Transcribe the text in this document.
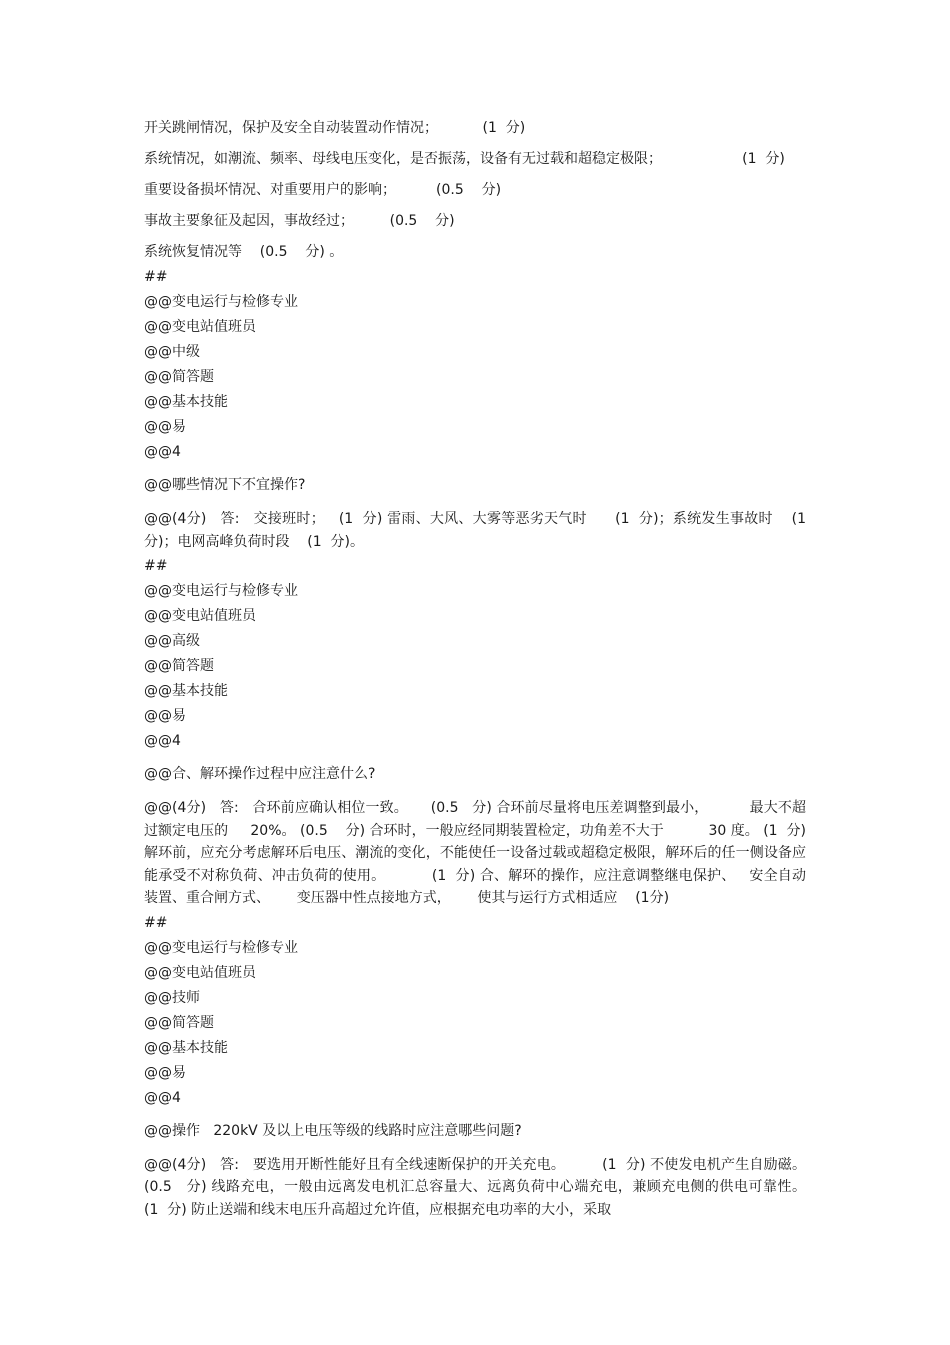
开关跳闸情况，保护及安全自动装置动作情况；          (1  分)
系统情况，如潮流、频率、母线电压变化，是否振荡，设备有无过载和超稳定极限；                  (1  分)
重要设备损坏情况、对重要用户的影响；         (0.5    分)
事故主要象征及起因，事故经过；        (0.5    分)
系统恢复情况等    (0.5    分) 。
##
@@变电运行与检修专业
@@变电站值班员
@@中级
@@简答题
@@基本技能
@@易
@@4
@@哪些情况下不宜操作?
@@(4分)   答:   交接班时；   (1  分) 雷雨、大风、大雾等恶劣天气时      (1  分)；系统发生事故时    (1 分)；电网高峰负荷时段    (1  分)。
##
@@变电运行与检修专业
@@变电站值班员
@@高级
@@简答题
@@基本技能
@@易
@@4
@@合、解环操作过程中应注意什么?
@@(4分)   答:   合环前应确认相位一致。     (0.5   分) 合环前尽量将电压差调整到最小，         最大不超过额定电压的     20%。 (0.5    分) 合环时，一般应经同期装置检定，功角差不大于          30 度。 (1  分) 解环前，应充分考虑解环后电压、潮流的变化，不能使任一设备过载或超稳定极限，解环后的任一侧设备应能承受不对称负荷、冲击负荷的使用。          (1  分) 合、解环的操作，应注意调整继电保护、   安全自动装置、重合闸方式、      变压器中性点接地方式，      使其与运行方式相适应    (1分)
##
@@变电运行与检修专业
@@变电站值班员
@@技师
@@简答题
@@基本技能
@@易
@@4
@@操作   220kV 及以上电压等级的线路时应注意哪些问题?
@@(4分)   答:   要选用开断性能好且有全线速断保护的开关充电。        (1  分) 不使发电机产生自励磁。 (0.5   分) 线路充电，一般由远离发电机汇总容量大、远离负荷中心端充电，兼顾充电侧的供电可靠性。   (1  分) 防止送端和线末电压升高超过允许值，应根据充电功率的大小，采取
